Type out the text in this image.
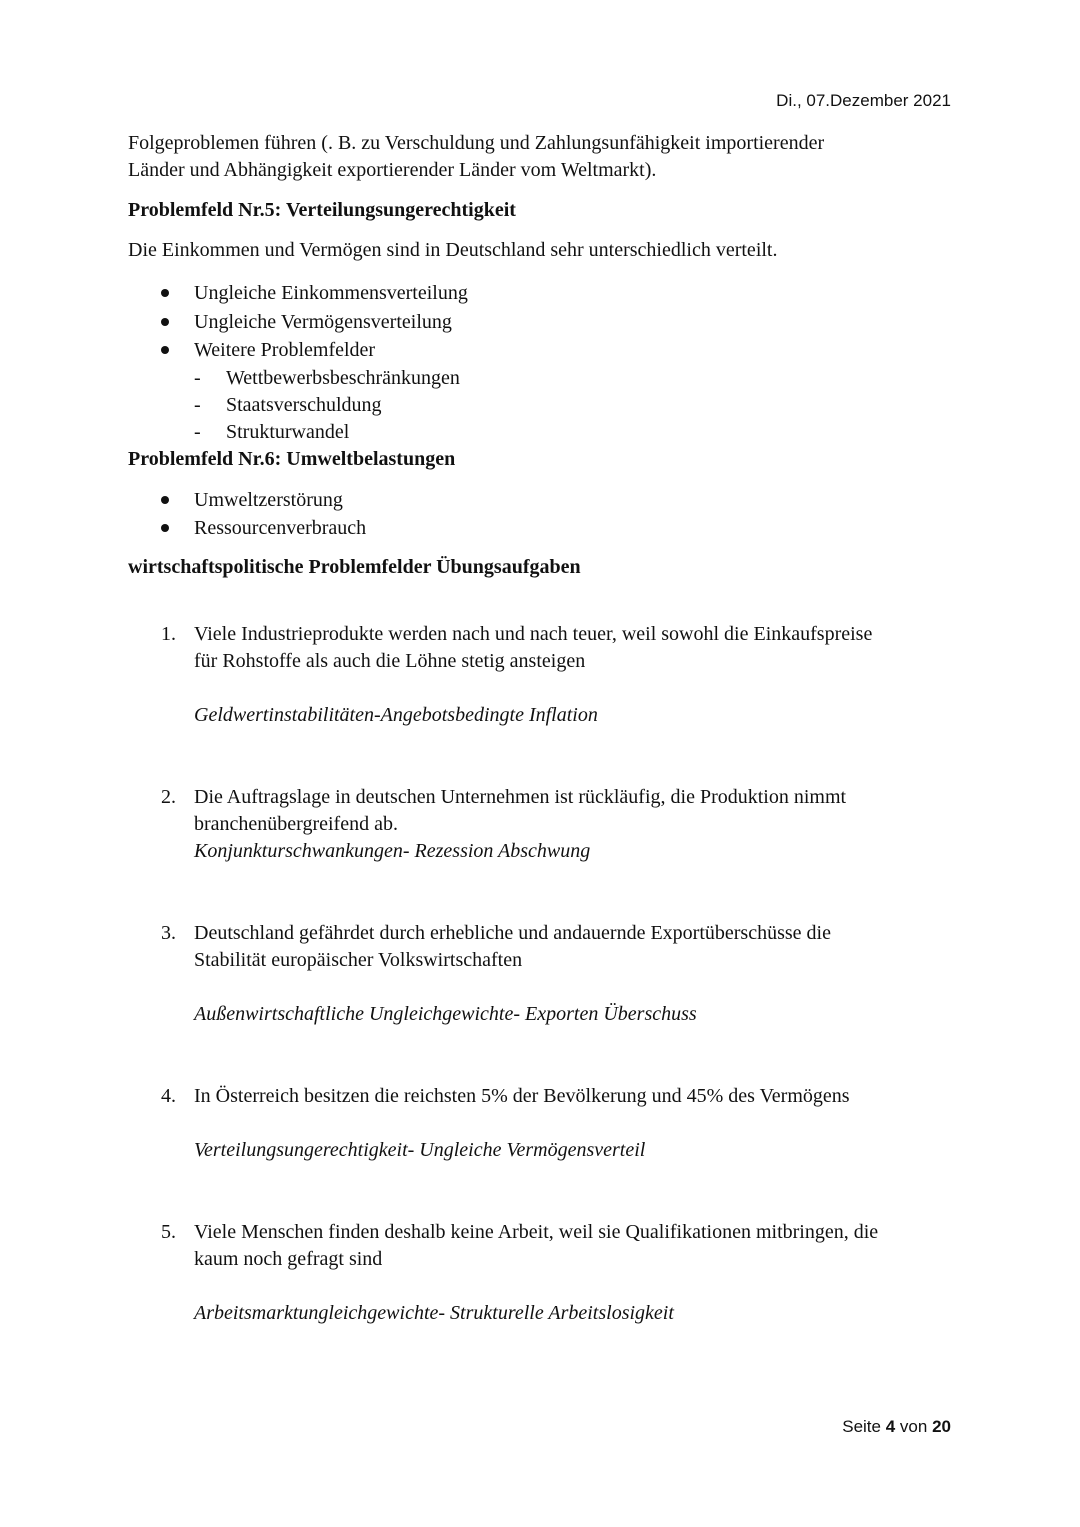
Di., 07.Dezember 2021

Folgeproblemen führen (. B. zu Verschuldung und Zahlungsunfähigkeit importierender

Länder und Abhängigkeit exportierender Länder vom Weltmarkt).

Problemfeld Nr.5: Verteilungsungerechtigkeit

Die Einkommen und Vermögen sind in Deutschland sehr unterschiedlich verteilt.

Ungleiche Einkommensverteilung
Ungleiche Vermögensverteilung
Weitere Problemfelder
- Wettbewerbsbeschränkungen
- Staatsverschuldung
- Strukturwandel

Problemfeld Nr.6: Umweltbelastungen

Umweltzerstörung
Ressourcenverbrauch

wirtschaftspolitische Problemfelder Übungsaufgaben

1. Viele Industrieprodukte werden nach und nach teuer, weil sowohl die Einkaufspreise

für Rohstoffe als auch die Löhne stetig ansteigen

Geldwertinstabilitäten-Angebotsbedingte Inflation

2. Die Auftragslage in deutschen Unternehmen ist rückläufig, die Produktion nimmt

branchenübergreifend ab.

Konjunkturschwankungen- Rezession Abschwung

3. Deutschland gefährdet durch erhebliche und andauernde Exportüberschüsse die

Stabilität europäischer Volkswirtschaften

Außenwirtschaftliche Ungleichgewichte- Exporten Überschuss

4. In Österreich besitzen die reichsten 5% der Bevölkerung und 45% des Vermögens

Verteilungsungerechtigkeit- Ungleiche Vermögensverteil

5. Viele Menschen finden deshalb keine Arbeit, weil sie Qualifikationen mitbringen, die

kaum noch gefragt sind

Arbeitsmarktungleichgewichte- Strukturelle Arbeitslosigkeit

Seite 4 von 20
